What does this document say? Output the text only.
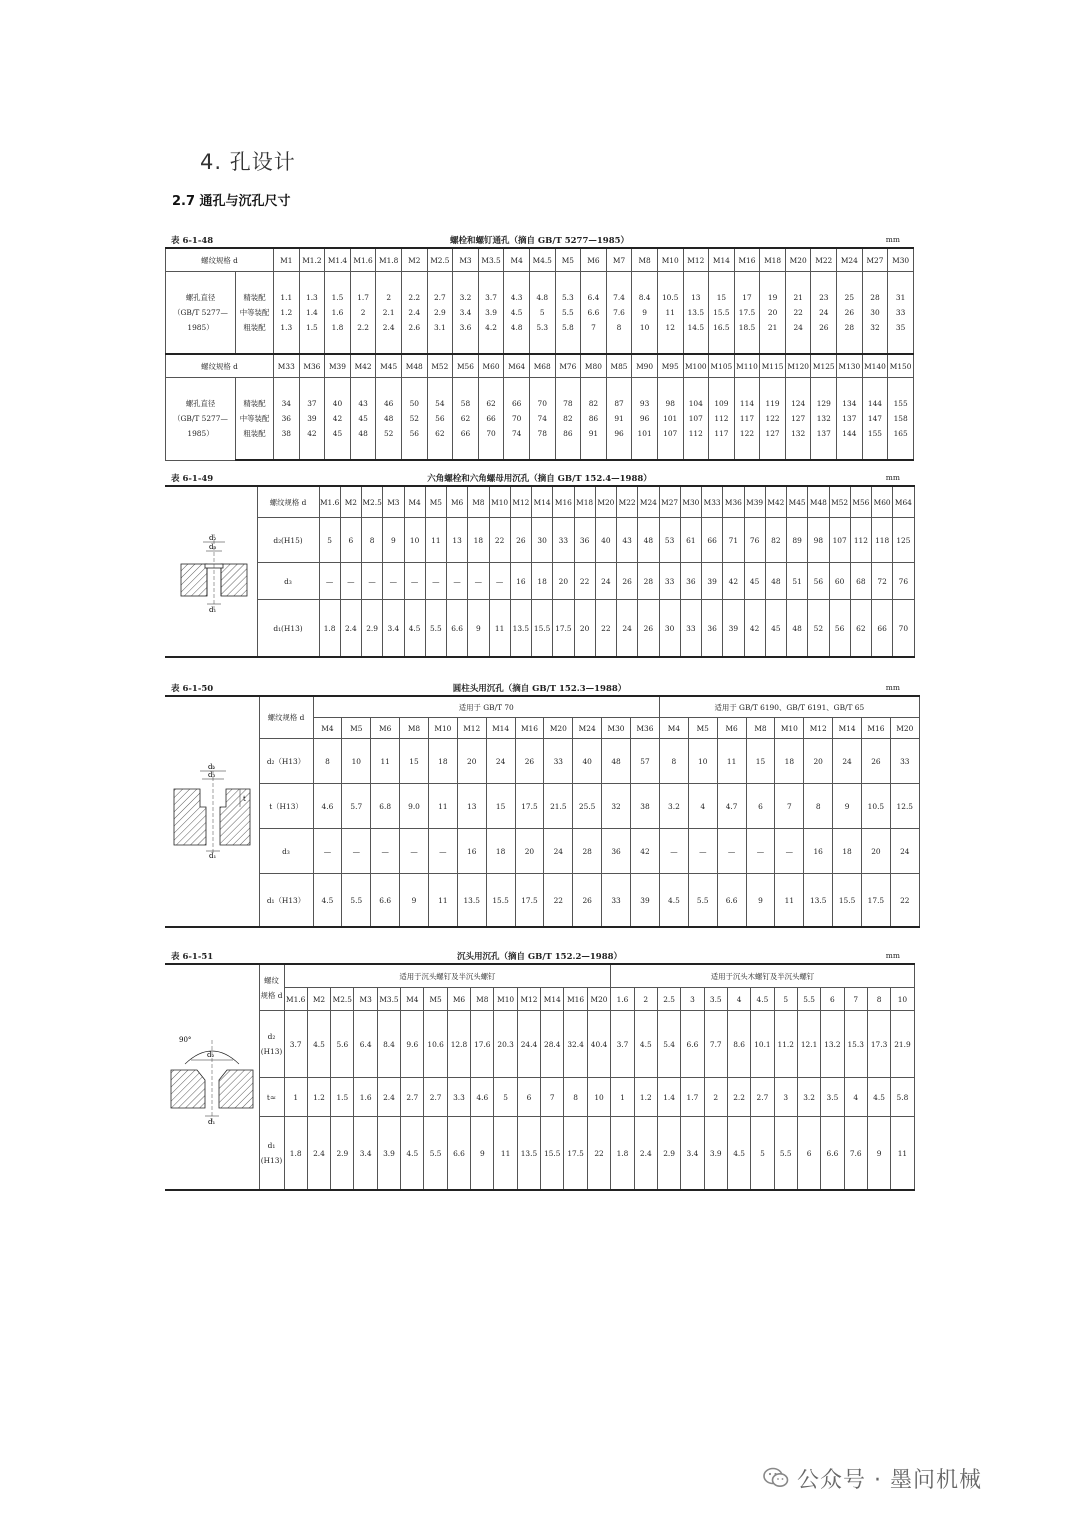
4. 孔设计
2.7 通孔与沉孔尺寸
表 6-1-48	螺栓和螺钉通孔（摘自 GB/T 5277—1985）	mm
螺纹规格 d		M1	M1.2	M1.4	M1.6	M1.8	M2	M2.5	M3	M3.5	M4	M4.5	M5	M6	M7	M8	M10	M12	M14	M16	M18	M20	M22	M24	M27	M30
螺孔直径
（GB/T 5277—
1985）	精装配	1.1	1.3	1.5	1.7	2	2.2	2.7	3.2	3.7	4.3	4.8	5.3	6.4	7.4	8.4	10.5	13	15	17	19	21	23	25	28	31
	中等装配	1.2	1.4	1.6	2	2.1	2.4	2.9	3.4	3.9	4.5	5	5.5	6.6	7.6	9	11	13.5	15.5	17.5	20	22	24	26	30	33
	粗装配	1.3	1.5	1.8	2.2	2.4	2.6	3.1	3.6	4.2	4.8	5.3	5.8	7	8	10	12	14.5	16.5	18.5	21	24	26	28	32	35
螺纹规格 d		M33	M36	M39	M42	M45	M48	M52	M56	M60	M64	M68	M76	M80	M85	M90	M95	M100	M105	M110	M115	M120	M125	M130	M140	M150
螺孔直径
（GB/T 5277—
1985）	精装配	34	37	40	43	46	50	54	58	62	66	70	78	82	87	93	98	104	109	114	119	124	129	134	144	155
	中等装配	36	39	42	45	48	52	56	62	66	70	74	82	86	91	96	101	107	112	117	122	127	132	137	147	158
	粗装配	38	42	45	48	52	56	62	66	70	74	78	86	91	96	101	107	112	117	122	127	132	137	144	155	165
表 6-1-49	六角螺栓和六角螺母用沉孔（摘自 GB/T 152.4—1988）	mm
d₂
d₃
d₁	螺纹规格 d	M1.6	M2	M2.5	M3	M4	M5	M6	M8	M10	M12	M14	M16	M18	M20	M22	M24	M27	M30	M33	M36	M39	M42	M45	M48	M52	M56	M60	M64
	d₂(H15)	5	6	8	9	10	11	13	18	22	26	30	33	36	40	43	48	53	61	66	71	76	82	89	98	107	112	118	125
	d₃	—	—	—	—	—	—	—	—	—	16	18	20	22	24	26	28	33	36	39	42	45	48	51	56	60	68	72	76
	d₁(H13)	1.8	2.4	2.9	3.4	4.5	5.5	6.6	9	11	13.5	15.5	17.5	20	22	24	26	30	33	36	39	42	45	48	52	56	62	66	70
表 6-1-50	圆柱头用沉孔（摘自 GB/T 152.3—1988）	mm
d₂
d₃
t
d₁	螺纹规格 d	适用于 GB/T 70												适用于 GB/T 6190、GB/T 6191、GB/T 65								
		M4	M5	M6	M8	M10	M12	M14	M16	M20	M24	M30	M36	M4	M5	M6	M8	M10	M12	M14	M16	M20
	d₂（H13）	8	10	11	15	18	20	24	26	33	40	48	57	8	10	11	15	18	20	24	26	33
	t（H13）	4.6	5.7	6.8	9.0	11	13	15	17.5	21.5	25.5	32	38	3.2	4	4.7	6	7	8	9	10.5	12.5
	d₃	—	—	—	—	—	16	18	20	24	28	36	42	—	—	—	—	—	16	18	20	24
	d₁（H13）	4.5	5.5	6.6	9	11	13.5	15.5	17.5	22	26	33	39	4.5	5.5	6.6	9	11	13.5	15.5	17.5	22
表 6-1-51	沉头用沉孔（摘自 GB/T 152.2—1988）	mm
90°
d₂
d₁	螺纹
规格 d	适用于沉头螺钉及半沉头螺钉														适用于沉头木螺钉及半沉头螺钉												
		M1.6	M2	M2.5	M3	M3.5	M4	M5	M6	M8	M10	M12	M14	M16	M20	1.6	2	2.5	3	3.5	4	4.5	5	5.5	6	7	8	10
	d₂
(H13)	3.7	4.5	5.6	6.4	8.4	9.6	10.6	12.8	17.6	20.3	24.4	28.4	32.4	40.4	3.7	4.5	5.4	6.6	7.7	8.6	10.1	11.2	12.1	13.2	15.3	17.3	21.9
	t≈	1	1.2	1.5	1.6	2.4	2.7	2.7	3.3	4.6	5	6	7	8	10	1	1.2	1.4	1.7	2	2.2	2.7	3	3.2	3.5	4	4.5	5.8
	d₁
(H13)	1.8	2.4	2.9	3.4	3.9	4.5	5.5	6.6	9	11	13.5	15.5	17.5	22	1.8	2.4	2.9	3.4	3.9	4.5	5	5.5	6	6.6	7.6	9	11
公众号 · 墨问机械
